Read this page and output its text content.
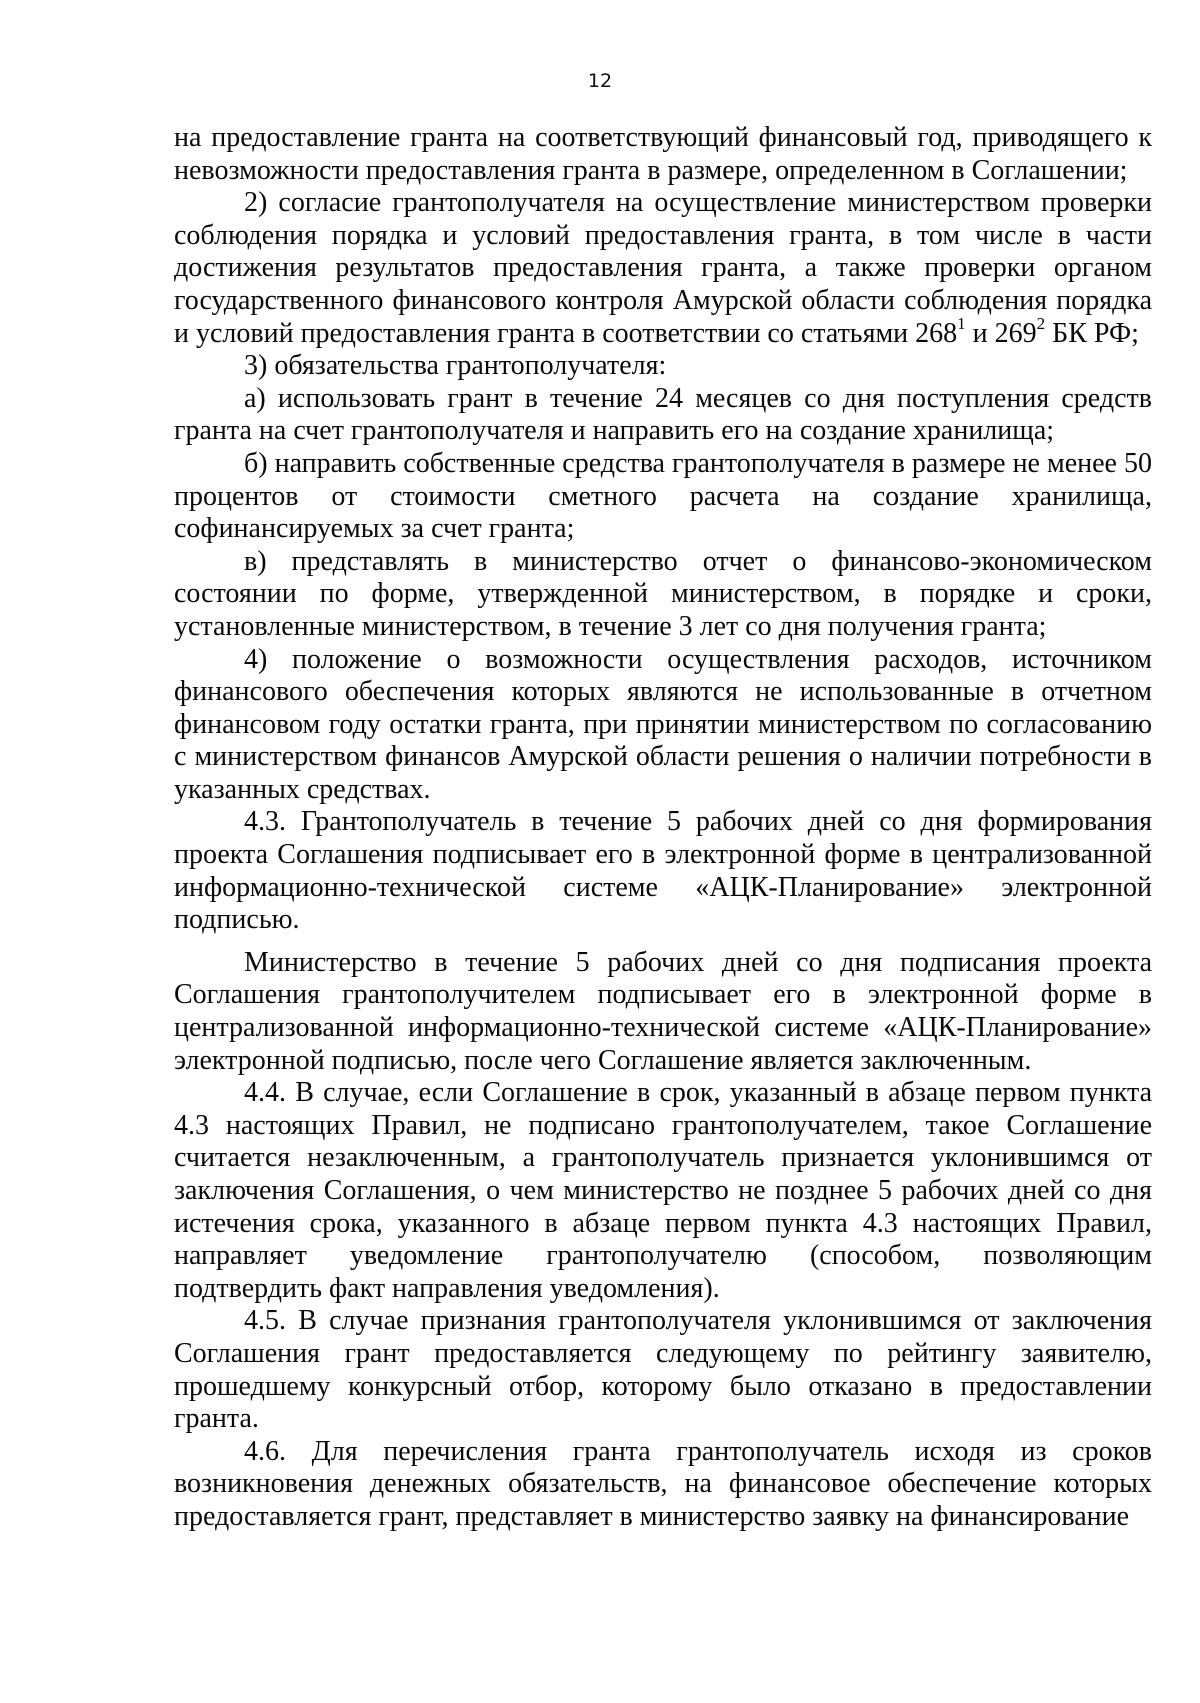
12

на предоставление гранта на соответствующий финансовый год, приводящего к невозможности предоставления гранта в размере, определенном в Соглашении;

2) согласие грантополучателя на осуществление министерством проверки соблюдения порядка и условий предоставления гранта, в том числе в части достижения результатов предоставления гранта, а также проверки органом государственного финансового контроля Амурской области соблюдения порядка и условий предоставления гранта в соответствии со статьями $268^1$ и $269^2$ БК РФ;

3) обязательства грантополучателя:

а) использовать грант в течение 24 месяцев со дня поступления средств гранта на счет грантополучателя и направить его на создание хранилища;

б) направить собственные средства грантополучателя в размере не менее 50 процентов от стоимости сметного расчета на создание хранилища, софинансируемых за счет гранта;

в) представлять в министерство отчет о финансово-экономическом состоянии по форме, утвержденной министерством, в порядке и сроки, установленные министерством, в течение 3 лет со дня получения гранта;

4) положение о возможности осуществления расходов, источником финансового обеспечения которых являются не использованные в отчетном финансовом году остатки гранта, при принятии министерством по согласованию с министерством финансов Амурской области решения о наличии потребности в указанных средствах.

4.3. Грантополучатель в течение 5 рабочих дней со дня формирования проекта Соглашения подписывает его в электронной форме в централизованной информационно-технической системе «АЦК-Планирование» электронной подписью.

Министерство в течение 5 рабочих дней со дня подписания проекта Соглашения грантополучителем подписывает его в электронной форме в централизованной информационно-технической системе «АЦК-Планирование» электронной подписью, после чего Соглашение является заключенным.

4.4. В случае, если Соглашение в срок, указанный в абзаце первом пункта 4.3 настоящих Правил, не подписано грантополучателем, такое Соглашение считается незаключенным, а грантополучатель признается уклонившимся от заключения Соглашения, о чем министерство не позднее 5 рабочих дней со дня истечения срока, указанного в абзаце первом пункта 4.3 настоящих Правил, направляет уведомление грантополучателю (способом, позволяющим подтвердить факт направления уведомления).

4.5. В случае признания грантополучателя уклонившимся от заключения Соглашения грант предоставляется следующему по рейтингу заявителю, прошедшему конкурсный отбор, которому было отказано в предоставлении гранта.

4.6. Для перечисления гранта грантополучатель исходя из сроков возникновения денежных обязательств, на финансовое обеспечение которых предоставляется грант, представляет в министерство заявку на финансирование
